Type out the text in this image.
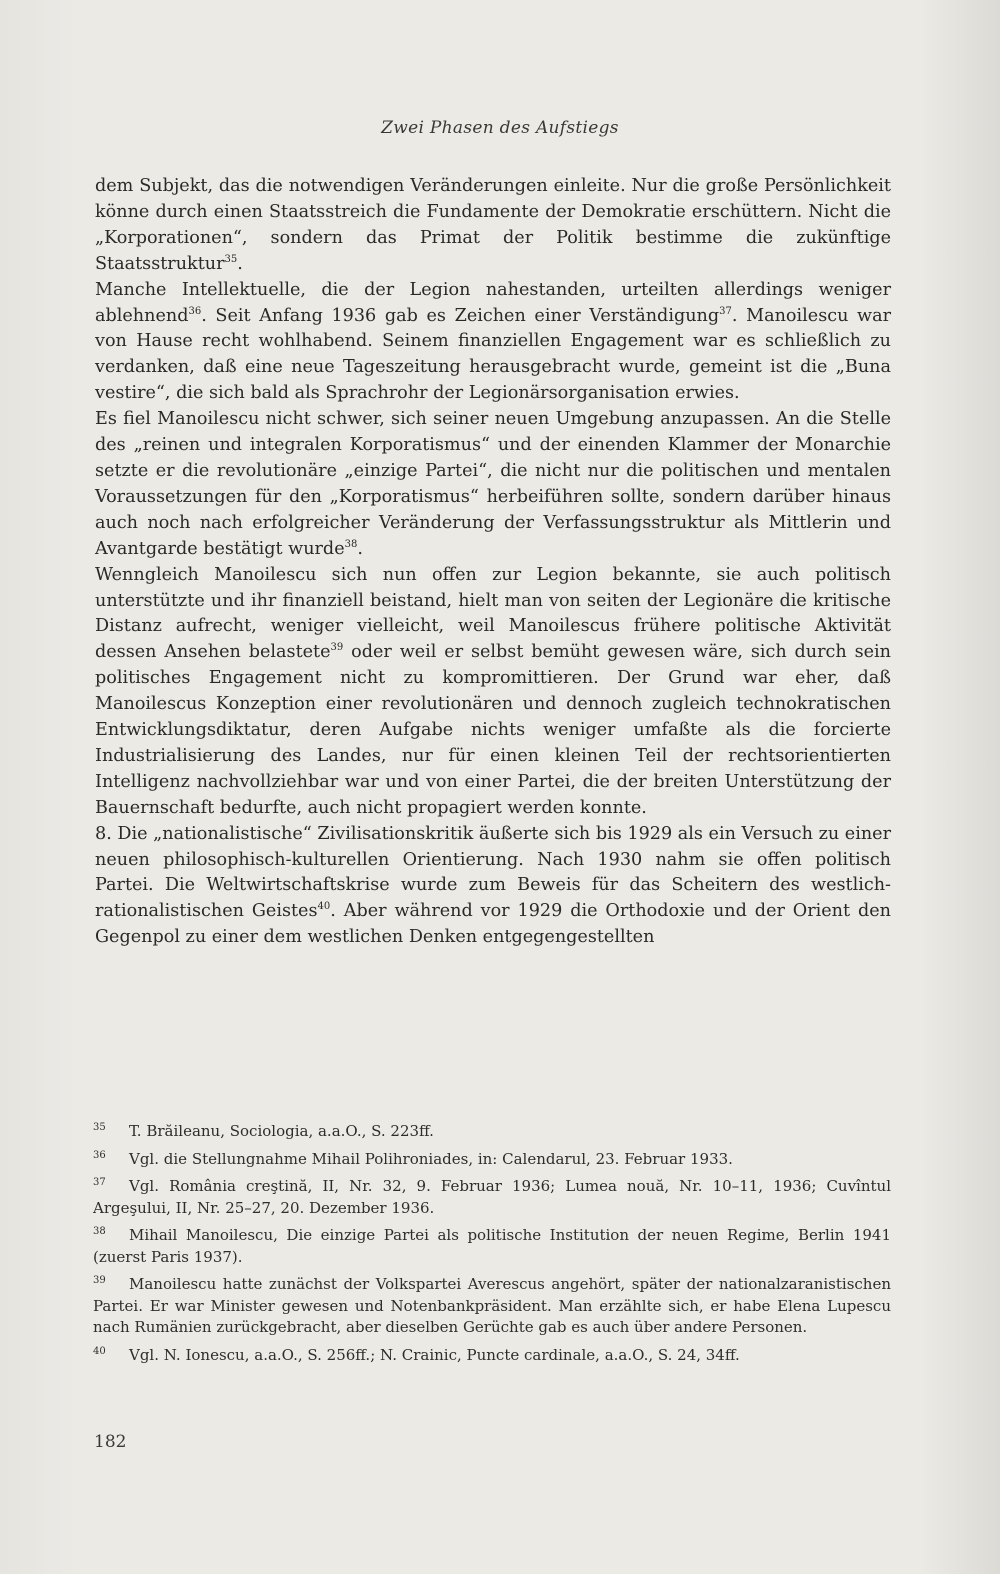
Zwei Phasen des Aufstiegs

dem Subjekt, das die notwendigen Veränderungen einleite. Nur die große Persönlichkeit könne durch einen Staatsstreich die Fundamente der Demokratie erschüttern. Nicht die „Korporationen“, sondern das Primat der Politik bestimme die zukünftige Staatsstruktur$^{35}$.

Manche Intellektuelle, die der Legion nahestanden, urteilten allerdings weniger ablehnend$^{36}$. Seit Anfang 1936 gab es Zeichen einer Verständigung$^{37}$. Manoilescu war von Hause recht wohlhabend. Seinem finanziellen Engagement war es schließlich zu verdanken, daß eine neue Tageszeitung herausgebracht wurde, gemeint ist die „Buna vestire“, die sich bald als Sprachrohr der Legionärsorganisation erwies.

Es fiel Manoilescu nicht schwer, sich seiner neuen Umgebung anzupassen. An die Stelle des „reinen und integralen Korporatismus“ und der einenden Klammer der Monarchie setzte er die revolutionäre „einzige Partei“, die nicht nur die politischen und mentalen Voraussetzungen für den „Korporatismus“ herbeiführen sollte, sondern darüber hinaus auch noch nach erfolgreicher Veränderung der Verfassungsstruktur als Mittlerin und Avantgarde bestätigt wurde$^{38}$.

Wenngleich Manoilescu sich nun offen zur Legion bekannte, sie auch politisch unterstützte und ihr finanziell beistand, hielt man von seiten der Legionäre die kritische Distanz aufrecht, weniger vielleicht, weil Manoilescus frühere politische Aktivität dessen Ansehen belastete$^{39}$ oder weil er selbst bemüht gewesen wäre, sich durch sein politisches Engagement nicht zu kompromittieren. Der Grund war eher, daß Manoilescus Konzeption einer revolutionären und dennoch zugleich technokratischen Entwicklungsdiktatur, deren Aufgabe nichts weniger umfaßte als die forcierte Industrialisierung des Landes, nur für einen kleinen Teil der rechtsorientierten Intelligenz nachvollziehbar war und von einer Partei, die der breiten Unterstützung der Bauernschaft bedurfte, auch nicht propagiert werden konnte.

8. Die „nationalistische“ Zivilisationskritik äußerte sich bis 1929 als ein Versuch zu einer neuen philosophisch-kulturellen Orientierung. Nach 1930 nahm sie offen politisch Partei. Die Weltwirtschaftskrise wurde zum Beweis für das Scheitern des westlich-rationalistischen Geistes$^{40}$. Aber während vor 1929 die Orthodoxie und der Orient den Gegenpol zu einer dem westlichen Denken entgegengestellten

35 T. Brăileanu, Sociologia, a.a.O., S. 223ff.

36 Vgl. die Stellungnahme Mihail Polihroniades, in: Calendarul, 23. Februar 1933.

37 Vgl. România creştină, II, Nr. 32, 9. Februar 1936; Lumea nouă, Nr. 10–11, 1936; Cuvîntul Argeşului, II, Nr. 25–27, 20. Dezember 1936.

38 Mihail Manoilescu, Die einzige Partei als politische Institution der neuen Regime, Berlin 1941 (zuerst Paris 1937).

39 Manoilescu hatte zunächst der Volkspartei Averescus angehört, später der nationalzaranistischen Partei. Er war Minister gewesen und Notenbankpräsident. Man erzählte sich, er habe Elena Lupescu nach Rumänien zurückgebracht, aber dieselben Gerüchte gab es auch über andere Personen.

40 Vgl. N. Ionescu, a.a.O., S. 256ff.; N. Crainic, Puncte cardinale, a.a.O., S. 24, 34ff.

182
